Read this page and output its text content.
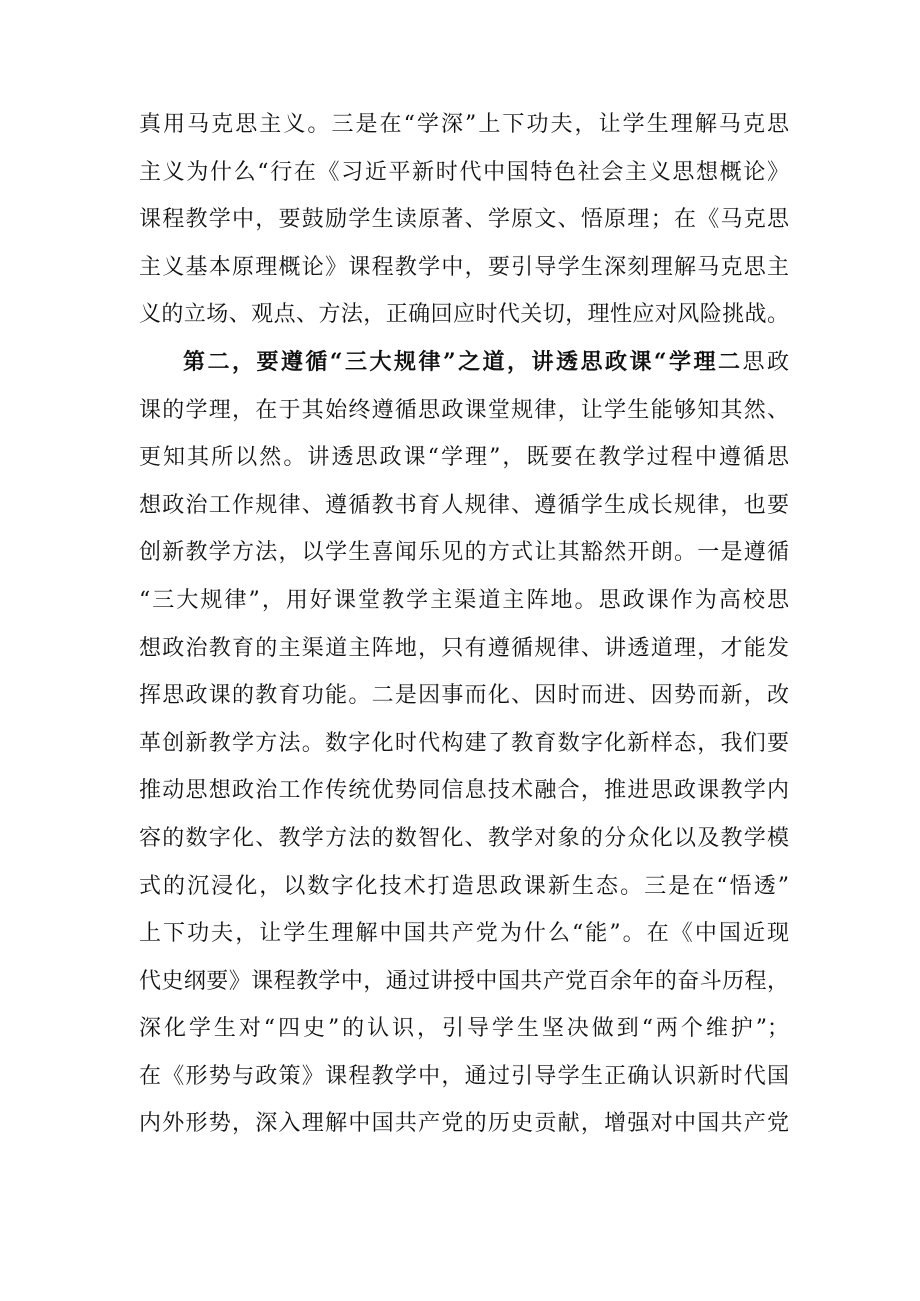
真用马克思主义。三是在“学深”上下功夫，让学生理解马克思
主义为什么“行在《习近平新时代中国特色社会主义思想概论》
课程教学中，要鼓励学生读原著、学原文、悟原理；在《马克思
主义基本原理概论》课程教学中，要引导学生深刻理解马克思主
义的立场、观点、方法，正确回应时代关切，理性应对风险挑战。
第二，要遵循“三大规律”之道，讲透思政课“学理二思政
课的学理，在于其始终遵循思政课堂规律，让学生能够知其然、
更知其所以然。讲透思政课“学理”，既要在教学过程中遵循思
想政治工作规律、遵循教书育人规律、遵循学生成长规律，也要
创新教学方法，以学生喜闻乐见的方式让其豁然开朗。一是遵循
“三大规律”，用好课堂教学主渠道主阵地。思政课作为高校思
想政治教育的主渠道主阵地，只有遵循规律、讲透道理，才能发
挥思政课的教育功能。二是因事而化、因时而进、因势而新，改
革创新教学方法。数字化时代构建了教育数字化新样态，我们要
推动思想政治工作传统优势同信息技术融合，推进思政课教学内
容的数字化、教学方法的数智化、教学对象的分众化以及教学模
式的沉浸化，以数字化技术打造思政课新生态。三是在“悟透”
上下功夫，让学生理解中国共产党为什么“能”。在《中国近现
代史纲要》课程教学中，通过讲授中国共产党百余年的奋斗历程，
深化学生对“四史”的认识，引导学生坚决做到“两个维护”；
在《形势与政策》课程教学中，通过引导学生正确认识新时代国
内外形势，深入理解中国共产党的历史贡献，增强对中国共产党
